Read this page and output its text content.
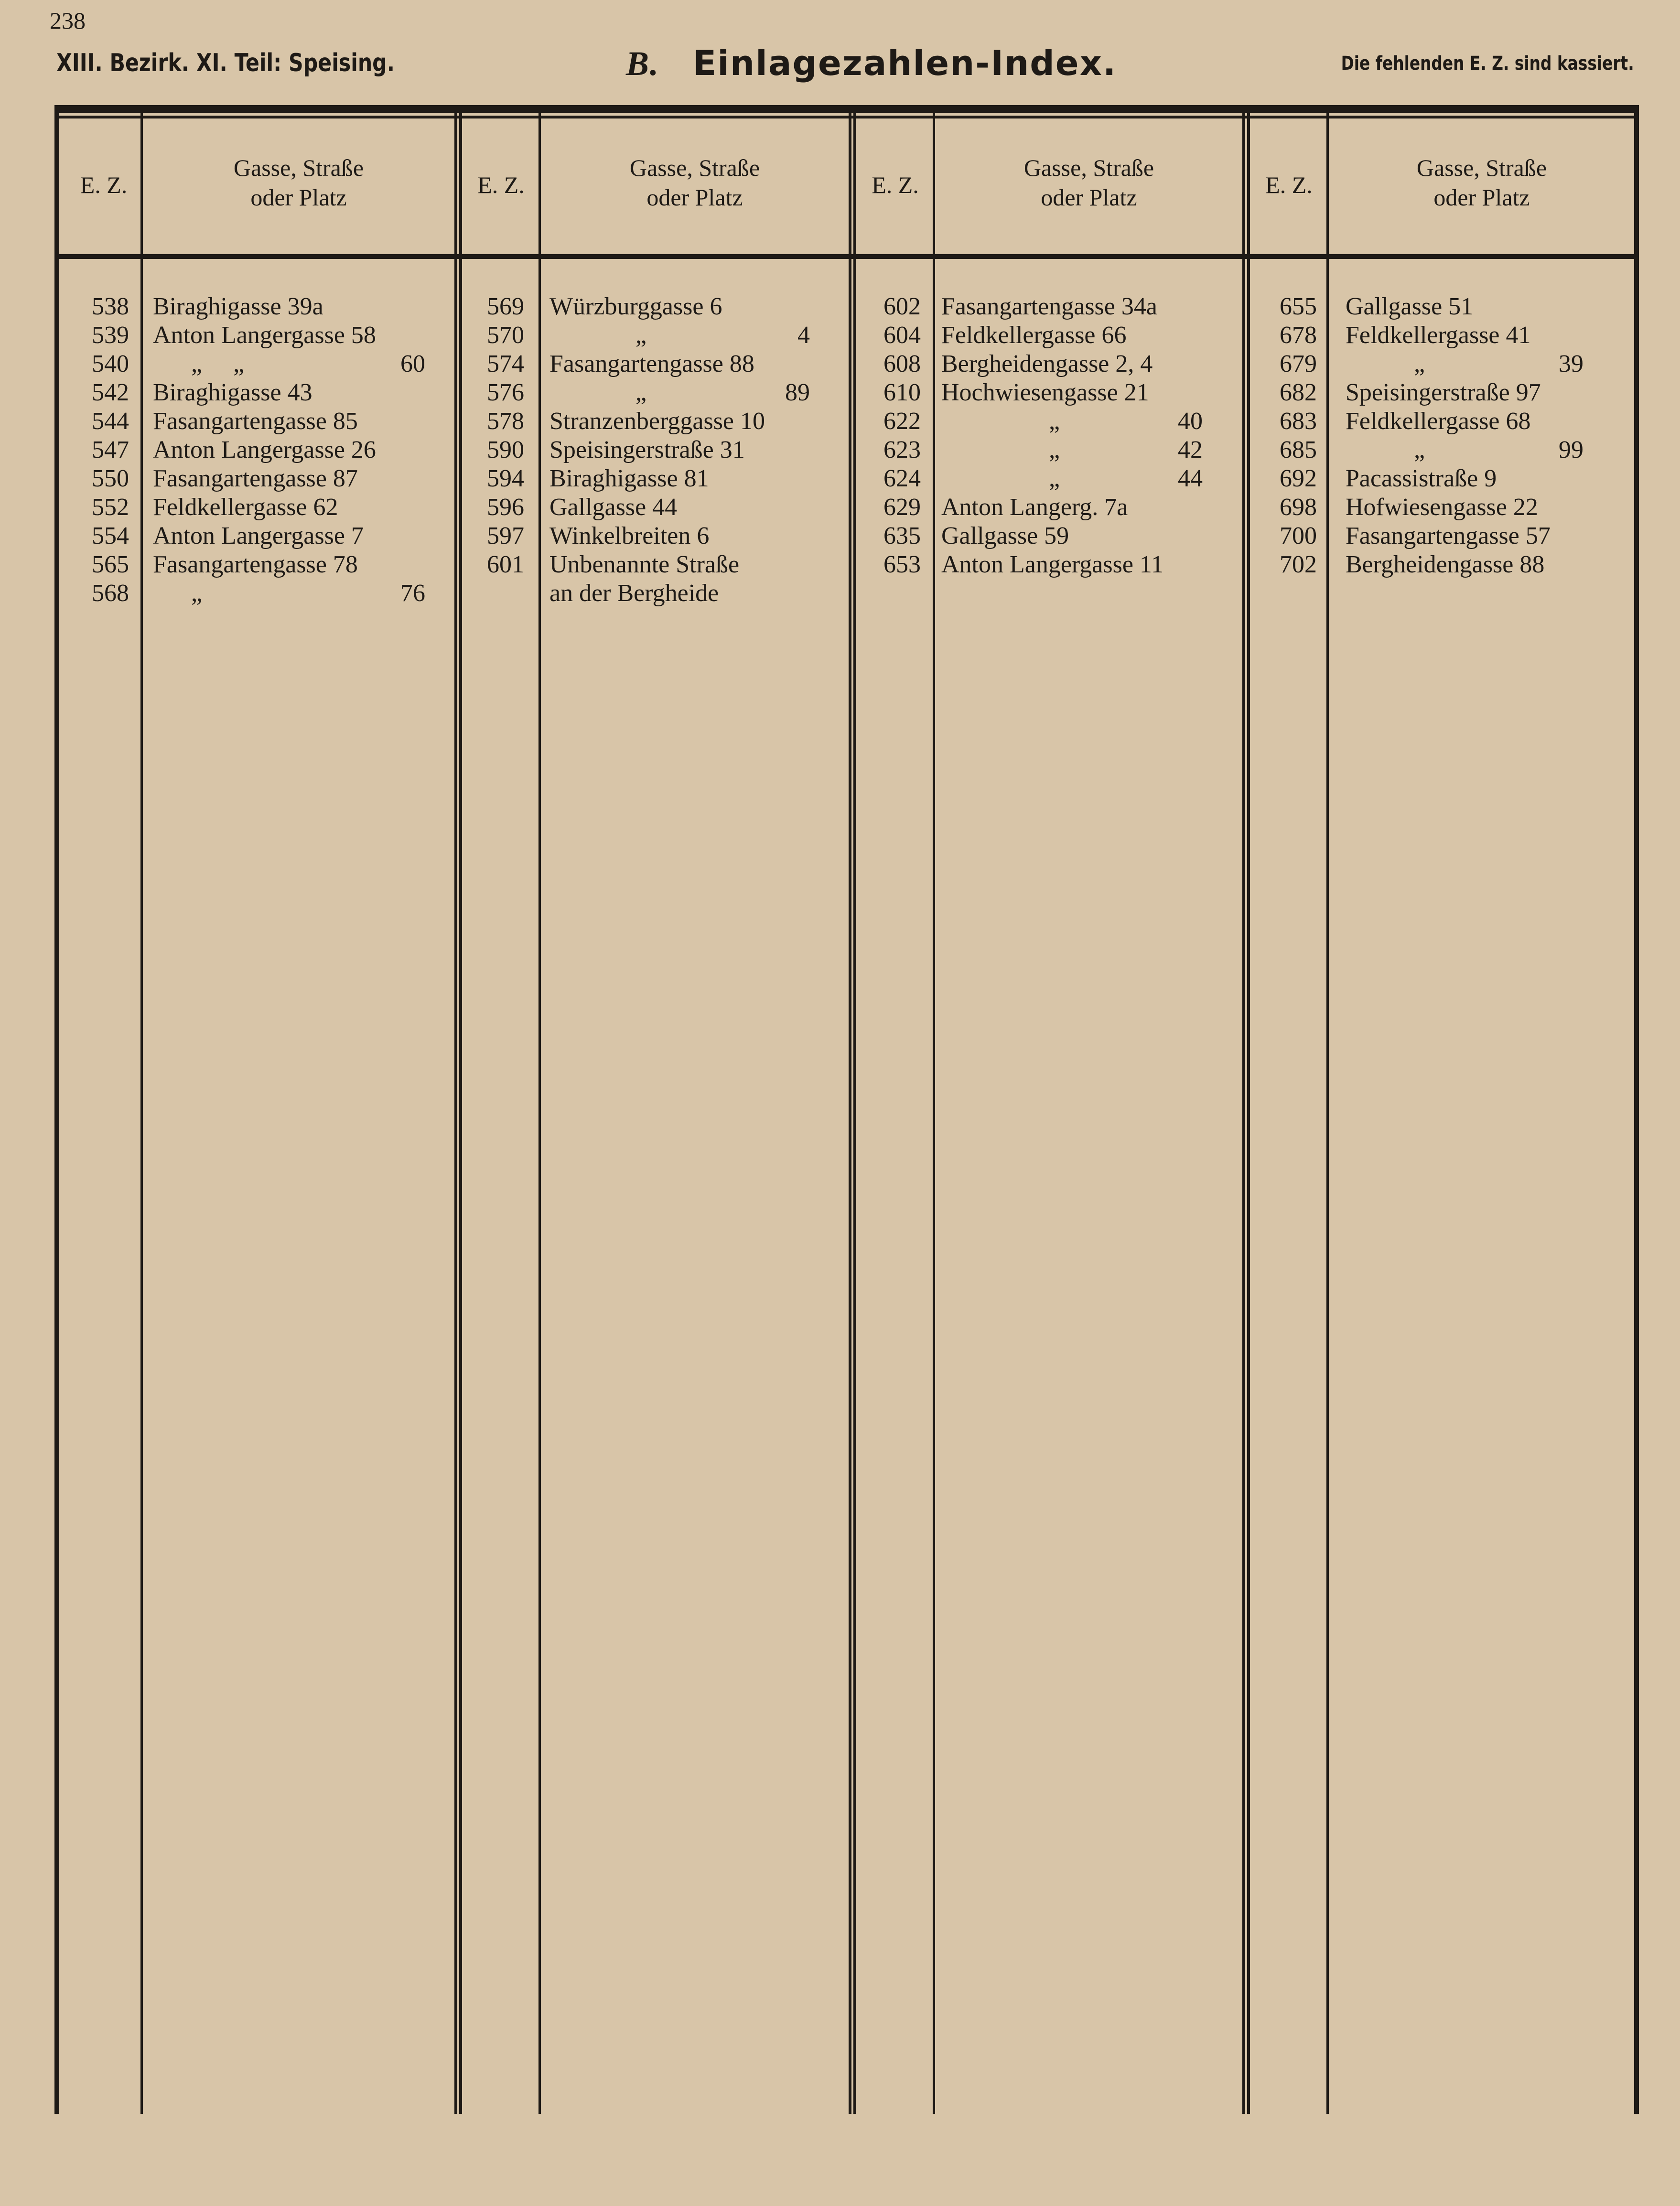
238
XIII. Bezirk. XI. Teil: Speising.	B. Einlagezahlen-Index.	Die fehlenden E. Z. sind kassiert.
E. Z.
Gasse, Straße
oder Platz	E. Z.
Gasse, Straße
oder Platz	E. Z.
Gasse, Straße
oder Platz	E. Z.
Gasse, Straße
oder Platz
538 Biraghigasse 39a
539 Anton Langergasse 58
540	„     „	60
542 Biraghigasse 43
544 Fasangartengasse 85
547 Anton Langergasse 26
550 Fasangartengasse 87
552 Feldkellergasse 62
554 Anton Langergasse 7
565 Fasangartengasse 78
568	„	76
569 Würzburggasse 6
570	„	4
574 Fasangartengasse 88
576	„	89
578 Stranzenberggasse 10
590 Speisingerstraße 31
594 Biraghigasse 81
596 Gallgasse 44
597 Winkelbreiten 6
601 Unbenannte Straße
an der Bergheide
602 Fasangartengasse 34a
604 Feldkellergasse 66
608 Bergheidengasse 2, 4
610 Hochwiesengasse 21
622	„	40
623	„	42
624	„	44
629 Anton Langerg. 7a
635 Gallgasse 59
653 Anton Langergasse 11
655 Gallgasse 51
678 Feldkellergasse 41
679	„	39
682 Speisingerstraße 97
683 Feldkellergasse 68
685	„	99
692 Pacassistraße 9
698 Hofwiesengasse 22
700 Fasangartengasse 57
702 Bergheidengasse 88
